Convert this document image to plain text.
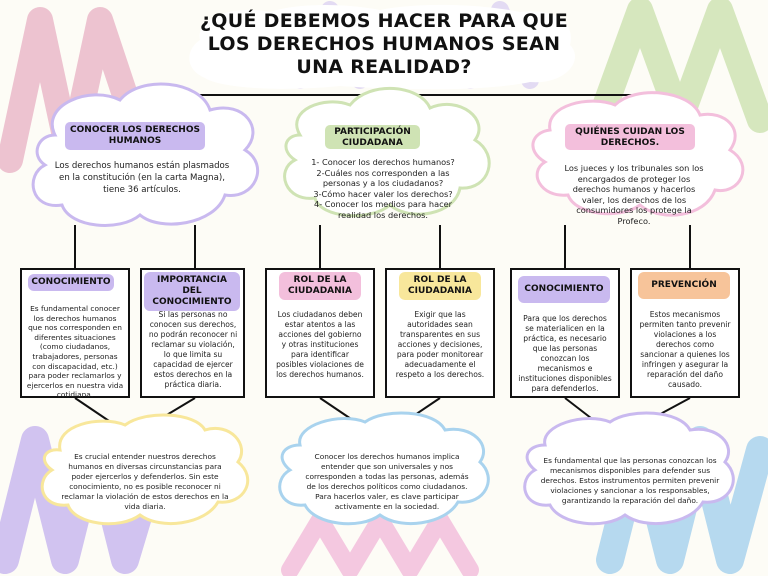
¿QUÉ DEBEMOS HACER PARA QUE LOS DERECHOS HUMANOS SEAN UNA REALIDAD?
CONOCER LOS DERECHOS HUMANOS
Los derechos humanos están plasmados en la constitución (en la carta Magna), tiene 36 artículos.
PARTICIPACIÓN CIUDADANA
1- Conocer los derechos humanos?
2-Cuáles nos corresponden a las personas y a los ciudadanos?
3-Cómo hacer valer los derechos?
4- Conocer los medios para hacer realidad los derechos.
QUIÉNES CUIDAN LOS DERECHOS.
Los jueces y los tribunales son los encargados de proteger los derechos humanos y hacerlos valer, los derechos de los consumidores los protege la Profeco.
CONOCIMIENTO
Es fundamental conocer los derechos humanos que nos corresponden en diferentes situaciones (como ciudadanos, trabajadores, personas con discapacidad, etc.) para poder reclamarlos y ejercerlos en nuestra vida cotidiana.
IMPORTANCIA DEL CONOCIMIENTO
Si las personas no conocen sus derechos, no podrán reconocer ni reclamar su violación, lo que limita su capacidad de ejercer estos derechos en la práctica diaria.
ROL DE LA CIUDADANIA
Los ciudadanos deben estar atentos a las acciones del gobierno y otras instituciones para identificar posibles violaciones de los derechos humanos.
ROL DE LA CIUDADANIA
Exigir que las autoridades sean transparentes en sus acciones y decisiones, para poder monitorear adecuadamente el respeto a los derechos.
CONOCIMIENTO
Para que los derechos se materialicen en la práctica, es necesario que las personas conozcan los mecanismos e instituciones disponibles para defenderlos.
PREVENCIÓN
Estos mecanismos permiten tanto prevenir violaciones a los derechos como sancionar a quienes los infringen y asegurar la reparación del daño causado.
Es crucial entender nuestros derechos humanos en diversas circunstancias para poder ejercerlos y defenderlos. Sin este conocimiento, no es posible reconocer ni reclamar la violación de estos derechos en la vida diaria.
Conocer los derechos humanos implica entender que son universales y nos corresponden a todas las personas, además de los derechos políticos como ciudadanos. Para hacerlos valer, es clave participar activamente en la sociedad.
Es fundamental que las personas conozcan los mecanismos disponibles para defender sus derechos. Estos instrumentos permiten prevenir violaciones y sancionar a los responsables, garantizando la reparación del daño.
